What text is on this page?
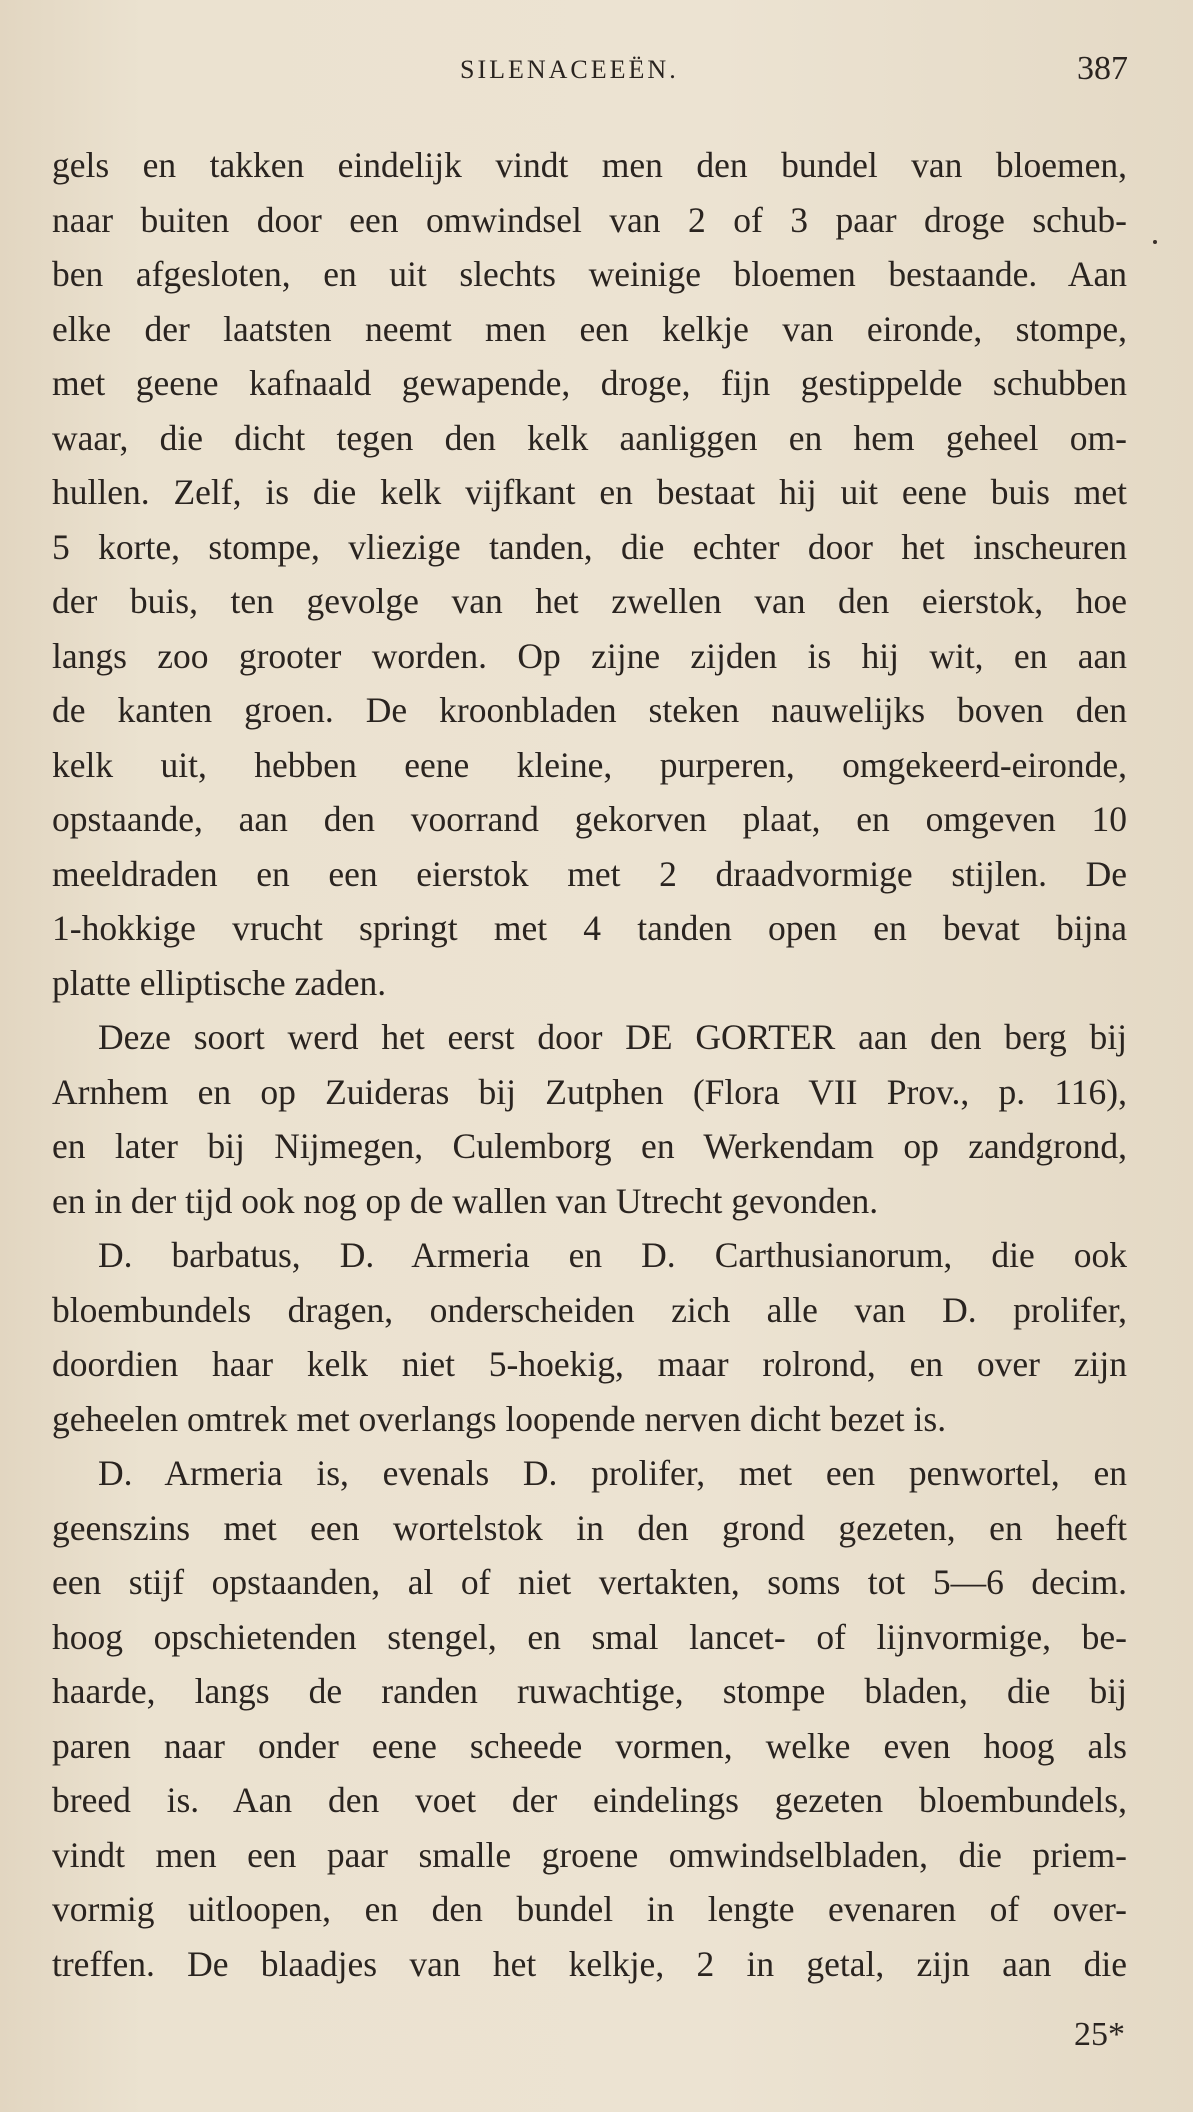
SILENACEEËN.	387
gels en takken eindelijk vindt men den bundel van bloemen,
naar buiten door een omwindsel van 2 of 3 paar droge schub-
ben afgesloten, en uit slechts weinige bloemen bestaande. Aan
elke der laatsten neemt men een kelkje van eironde, stompe,
met geene kafnaald gewapende, droge, fijn gestippelde schubben
waar, die dicht tegen den kelk aanliggen en hem geheel om-
hullen. Zelf, is die kelk vijfkant en bestaat hij uit eene buis met
5 korte, stompe, vliezige tanden, die echter door het inscheuren
der buis, ten gevolge van het zwellen van den eierstok, hoe
langs zoo grooter worden. Op zijne zijden is hij wit, en aan
de kanten groen. De kroonbladen steken nauwelijks boven den
kelk uit, hebben eene kleine, purperen, omgekeerd-eironde,
opstaande, aan den voorrand gekorven plaat, en omgeven 10
meeldraden en een eierstok met 2 draadvormige stijlen. De
1-hokkige vrucht springt met 4 tanden open en bevat bijna
platte elliptische zaden.
Deze soort werd het eerst door DE GORTER aan den berg bij
Arnhem en op Zuideras bij Zutphen (Flora VII Prov., p. 116),
en later bij Nijmegen, Culemborg en Werkendam op zandgrond,
en in der tijd ook nog op de wallen van Utrecht gevonden.
D. barbatus, D. Armeria en D. Carthusianorum, die ook
bloembundels dragen, onderscheiden zich alle van D. prolifer,
doordien haar kelk niet 5-hoekig, maar rolrond, en over zijn
geheelen omtrek met overlangs loopende nerven dicht bezet is.
D. Armeria is, evenals D. prolifer, met een penwortel, en
geenszins met een wortelstok in den grond gezeten, en heeft
een stijf opstaanden, al of niet vertakten, soms tot 5—6 decim.
hoog opschietenden stengel, en smal lancet- of lijnvormige, be-
haarde, langs de randen ruwachtige, stompe bladen, die bij
paren naar onder eene scheede vormen, welke even hoog als
breed is. Aan den voet der eindelings gezeten bloembundels,
vindt men een paar smalle groene omwindselbladen, die priem-
vormig uitloopen, en den bundel in lengte evenaren of over-
treffen. De blaadjes van het kelkje, 2 in getal, zijn aan die
25*
